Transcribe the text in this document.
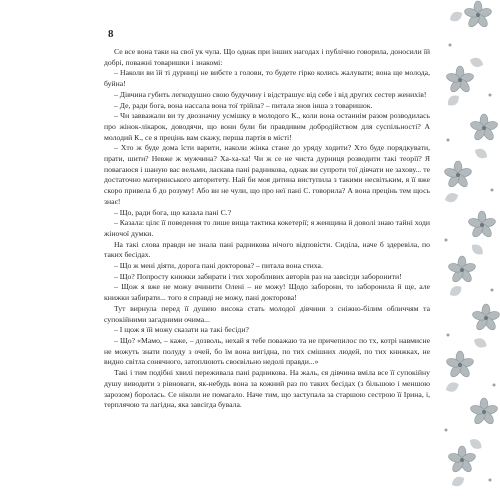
8

Се все вона таки на свої ук чула. Що однак при інших нагодах і публічно говорила, доносили їй добрі, поважні товаришки і знакомі:

– Наколи ви їй ті дурниці не вибєте з голови, то будете гірко колись жалувати; вона ще молода, буйна!

– Дівчина губить легкодушно свою будучину і відстрашує від себе і від других сестер женихів!

– Де, ради бога, вона нассала вона тої трійла? – питала знов інша з товаришок.

– Чи завважали ви ту двозначну усмішку в молодого К., коли вона останнім разом розводилась про жінок-лікарок, доводячи, що вони були би правдивим добродійством для суспільності? А молодий К., се я прецінь вам скажу, перша партія в місті!

– Хто ж буде дома їсти варити, наколи жінка стане до уряду ходити? Хто буде порядкувати, прати, шити? Невже ж мужчина? Ха-ха-ха! Чи ж се не чиста дурниця розводити такі теорії? Я повагаюся і шаную вас вельми, ласкава пані радникова, однак ви супроти тої дівчати не захову... те достаточно материнського авторитету. Най би моя дитина виступила з такими несвітьким, я її вже скоро привела б до розуму! Або ви не чули, що про неї пані С. говорила? А вона прецінь тем щось знає!

– Що, ради бога, що казала пані С.?

– Казала: цілє її поведення то лише вища тактика кокетерії; я женщина й доволі знаю тайні ходи жіночої думки.

На такі слова правди не знала пані радникова нічого відповісти. Сиділа, наче б здеревіла, по таких бесідах.

– Що ж мені діяти, дорога пані докторова? – питала вона стиха.

– Що? Попросту книжки забирати і тих хоробливих авторів раз на завсігди заборонити!

– Щож я вже не можу вчинити Олені – не можу! Щодо заборони, то заборонила й ще, але книжки забирати... того я справді не можу, пані докторова!

Тут вирнула перед її душею висока стать молодої дівчини з сніжно-білим обличчям та супокійними загадними очима...

– І щож я їй можу сказати на такі бесіди?

– Що? «Мамо, – каже, – дозволь, нехай я тебе поважаю та не причепилос по тх, котрі навмисне не можуть знати полуду з очей, бо їм вона вигідна, по тих смішних людей, по тих книжках, не видно світла сонячного, затоплюють своєвільно недолі правди...»

Такі і тим подібні хвилі переживала пані радникова. На жаль, єя дівчина вміла все її супокійну душу виводити з рівноваги, як-небудь вона за кожний раз по таких бесідах (з більшою і меншою зарозом) боролась. Се ніколи не помагало. Наче тим, що заступала за старшою сестрою її Ірина, і, терплячою та лагідна, яка завсігда бувала.
